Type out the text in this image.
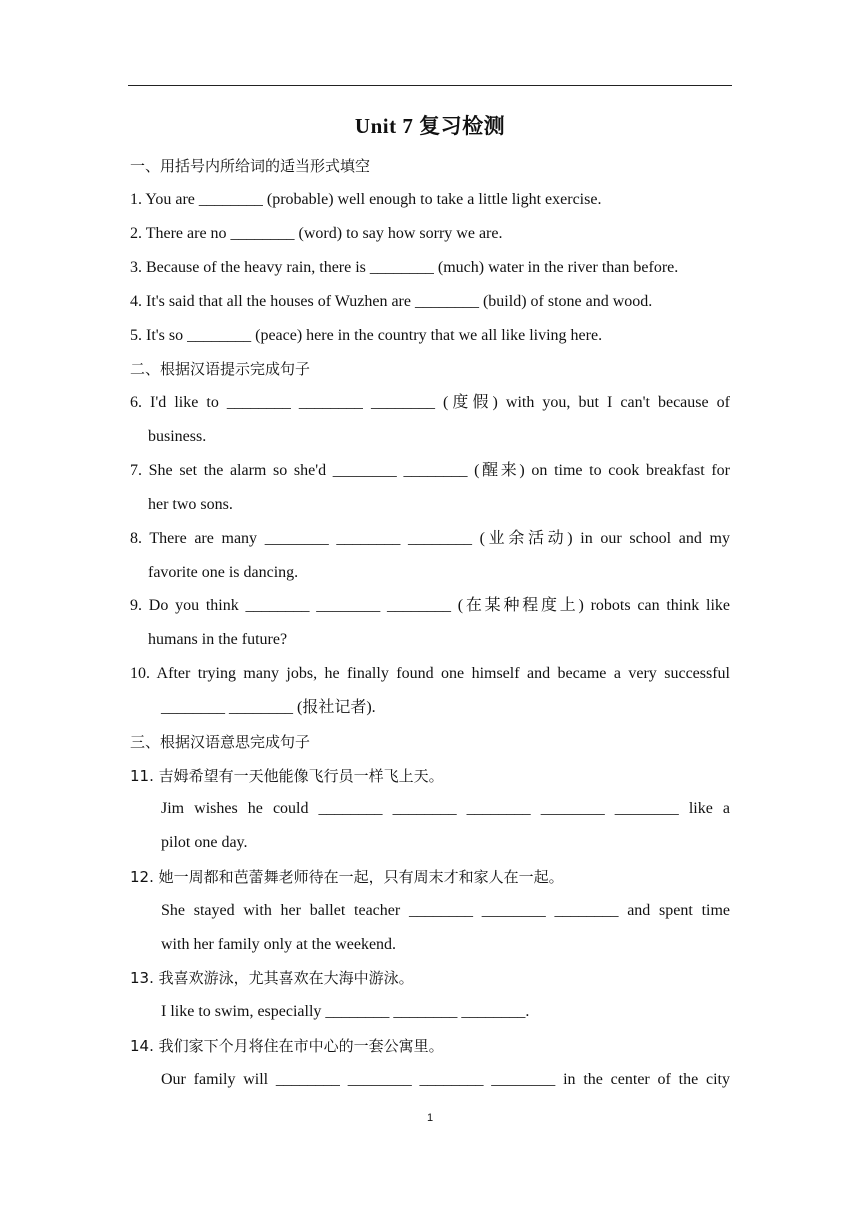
Unit 7 复习检测
一、用括号内所给词的适当形式填空
1. You are ________ (probable) well enough to take a little light exercise.
2. There are no ________ (word) to say how sorry we are.
3. Because of the heavy rain, there is ________ (much) water in the river than before.
4. It's said that all the houses of Wuzhen are ________ (build) of stone and wood.
5. It's so ________ (peace) here in the country that we all like living here.
二、根据汉语提示完成句子
6. I'd like to ________ ________ ________ (度假) with you, but I can't because of
business.
7. She set the alarm so she'd ________ ________ (醒来) on time to cook breakfast for
her two sons.
8. There are many ________ ________ ________ (业余活动) in our school and my
favorite one is dancing.
9. Do you think ________ ________ ________ (在某种程度上) robots can think like
humans in the future?
10. After trying many jobs, he finally found one himself and became a very successful
________ ________ (报社记者).
三、根据汉语意思完成句子
11. 吉姆希望有一天他能像飞行员一样飞上天。
Jim wishes he could ________ ________ ________ ________ ________ like a
pilot one day.
12. 她一周都和芭蕾舞老师待在一起，只有周末才和家人在一起。
She stayed with her ballet teacher ________ ________ ________ and spent time
with her family only at the weekend.
13. 我喜欢游泳，尤其喜欢在大海中游泳。
I like to swim, especially ________ ________ ________.
14. 我们家下个月将住在市中心的一套公寓里。
Our family will ________ ________ ________ ________ in the center of the city
1
